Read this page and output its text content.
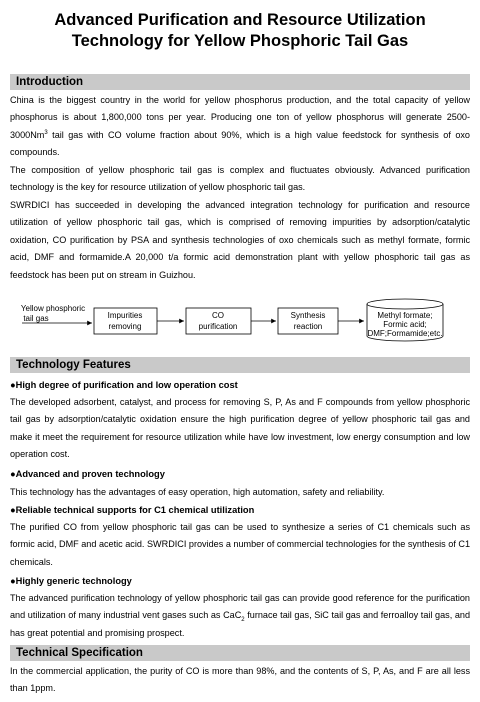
Advanced Purification and Resource Utilization
Technology for Yellow Phosphoric Tail Gas
Introduction
China is the biggest country in the world for yellow phosphorus production, and the total capacity of yellow phosphorus is about 1,800,000 tons per year. Producing one ton of yellow phosphorus will generate 2500-3000Nm$^3$ tail gas with CO volume fraction about 90%, which is a high value feedstock for synthesis of oxo compounds.
The composition of yellow phosphoric tail gas is complex and fluctuates obviously. Advanced purification technology is the key for resource utilization of yellow phosphoric tail gas.
SWRDICI has succeeded in developing the advanced integration technology for purification and resource utilization of yellow phosphoric tail gas, which is comprised of removing impurities by adsorption/catalytic oxidation, CO purification by PSA and synthesis technologies of oxo chemicals such as methyl formate, formic acid, DMF and formamide.A 20,000 t/a formic acid demonstration plant with yellow phosphoric tail gas as feedstock has been put on stream in Guizhou.
Yellow phosphoric
tail gas	Impurities
removing
CO
purification
Synthesis
reaction
Methyl formate;
Formic acid;
DMF;Formamide;etc.
Technology Features
●High degree of purification and low operation cost
The developed adsorbent, catalyst, and process for removing S, P, As and F compounds from yellow phosphoric tail gas by adsorption/catalytic oxidation ensure the high purification degree of yellow phosphoric tail gas and make it meet the requirement for resource utilization while have low investment, low energy consumption and low operation cost.
●Advanced and proven technology
This technology has the advantages of easy operation, high automation, safety and reliability.
●Reliable technical supports for C1 chemical utilization
The purified CO from yellow phosphoric tail gas can be used to synthesize a series of C1 chemicals such as formic acid, DMF and acetic acid. SWRDICI provides a number of commercial technologies for the synthesis of C1 chemicals.
●Highly generic technology
The advanced purification technology of yellow phosphoric tail gas can provide good reference for the purification and utilization of many industrial vent gases such as CaC$_2$ furnace tail gas, SiC tail gas and ferroalloy tail gas, and has great potential and promising prospect.
Technical Specification
In the commercial application, the purity of CO is more than 98%, and the contents of S, P, As, and F are all less than 1ppm.
